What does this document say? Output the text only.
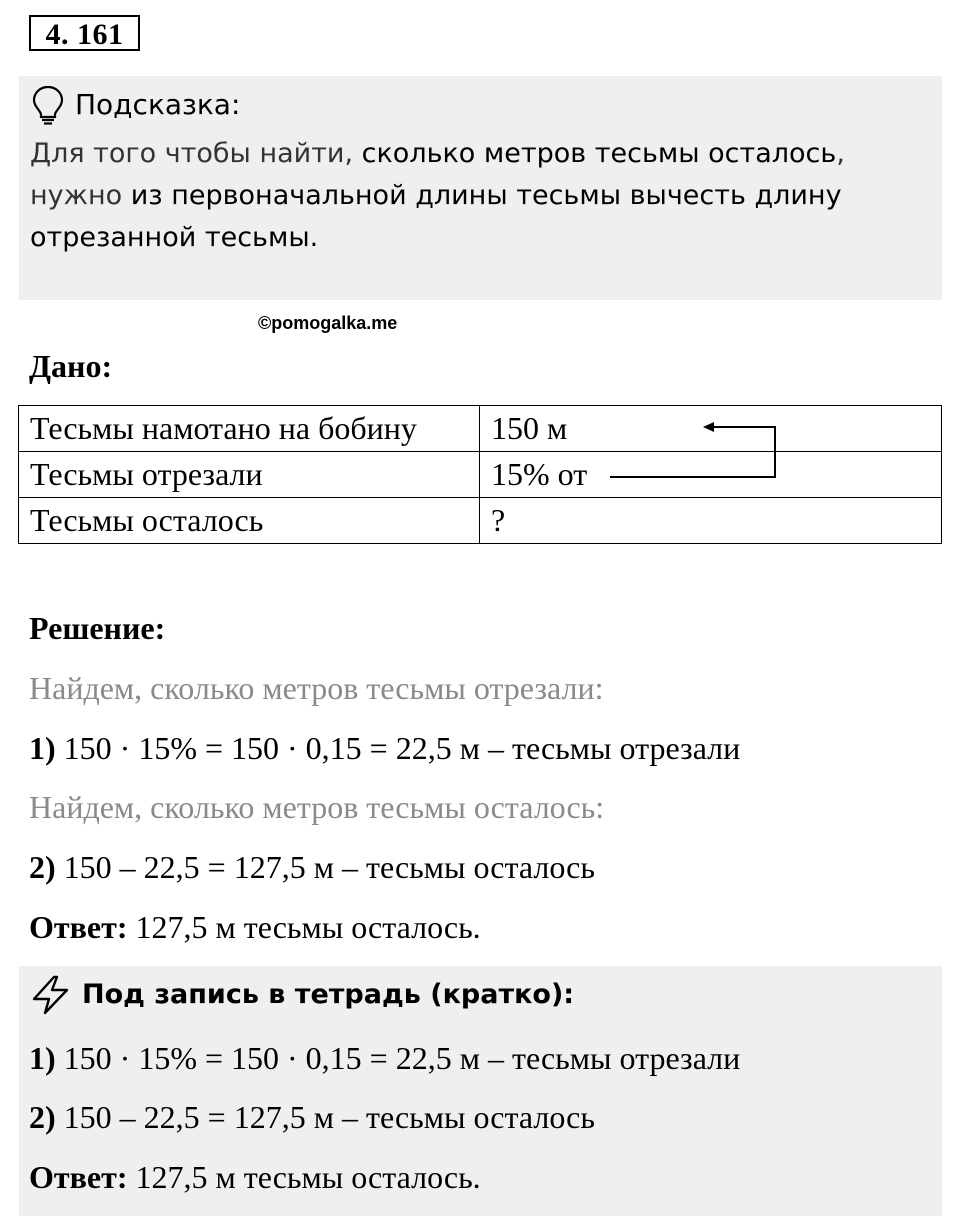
4. 161
Подсказка:
Для того чтобы найти, сколько метров тесьмы осталось,
нужно из первоначальной длины тесьмы вычесть длину отрезанной тесьмы.
©pomogalka.me
Дано:
Тесьмы намотано на бобину	150 м
Тесьмы отрезали	15% от
Тесьмы осталось	?
Решение:
Найдем, сколько метров тесьмы отрезали:
1) 150 · 15% = 150 · 0,15 = 22,5 м – тесьмы отрезали
Найдем, сколько метров тесьмы осталось:
2) 150 – 22,5 = 127,5 м – тесьмы осталось
Ответ: 127,5 м тесьмы осталось.
Под запись в тетрадь (кратко):
1) 150 · 15% = 150 · 0,15 = 22,5 м – тесьмы отрезали
2) 150 – 22,5 = 127,5 м – тесьмы осталось
Ответ: 127,5 м тесьмы осталось.
